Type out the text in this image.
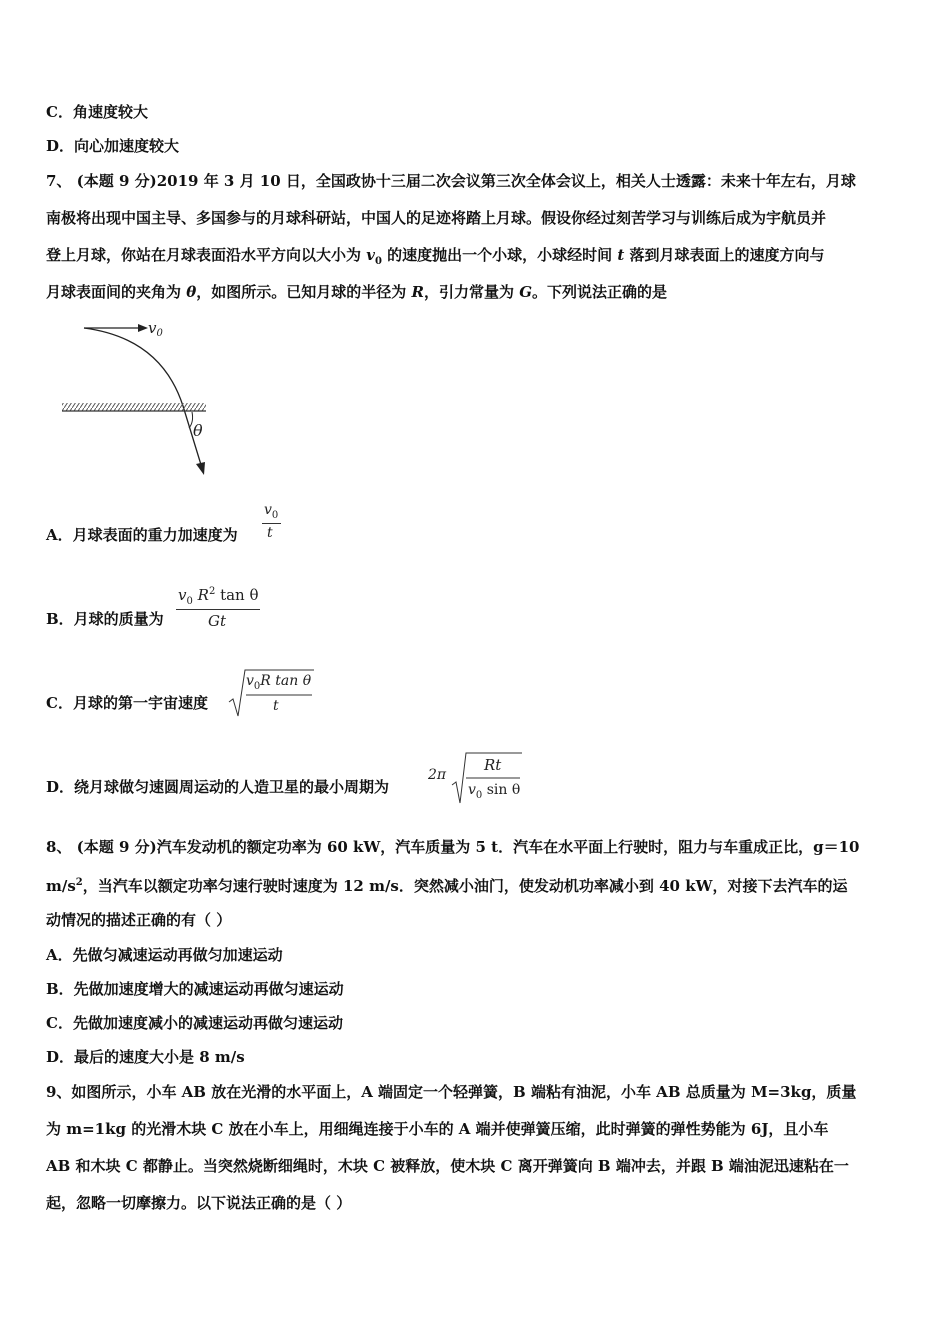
C．角速度较大
D．向心加速度较大
7、 (本题 9 分)2019 年 3 月 10 日，全国政协十三届二次会议第三次全体会议上，相关人士透露：未来十年左右，月球
南极将出现中国主导、多国参与的月球科研站，中国人的足迹将踏上月球。假设你经过刻苦学习与训练后成为宇航员并
登上月球，你站在月球表面沿水平方向以大小为 $v_0$ 的速度抛出一个小球，小球经时间 t 落到月球表面上的速度方向与
月球表面间的夹角为 θ，如图所示。已知月球的半径为 R，引力常量为 G。下列说法正确的是
$v_0$
θ
A．月球表面的重力加速度为
$v_0$
t
B．月球的质量为
$v_0$ $R^2$ tan θ
Gt
C．月球的第一宇宙速度
$v_0R$ tan θ
t
D．绕月球做匀速圆周运动的人造卫星的最小周期为
2π
Rt
$v_0$ sin θ
8、 (本题 9 分)汽车发动机的额定功率为 60 kW，汽车质量为 5 t．汽车在水平面上行驶时，阻力与车重成正比，g＝10
$m/s^2$，当汽车以额定功率匀速行驶时速度为 12 m/s．突然减小油门，使发动机功率减小到 40 kW，对接下去汽车的运
动情况的描述正确的有（ ）
A．先做匀减速运动再做匀加速运动
B．先做加速度增大的减速运动再做匀速运动
C．先做加速度减小的减速运动再做匀速运动
D．最后的速度大小是 8 m/s
9、如图所示，小车 AB 放在光滑的水平面上，A 端固定一个轻弹簧，B 端粘有油泥，小车 AB 总质量为 M=3kg，质量
为 m=1kg 的光滑木块 C 放在小车上，用细绳连接于小车的 A 端并使弹簧压缩，此时弹簧的弹性势能为 6J，且小车
AB 和木块 C 都静止。当突然烧断细绳时，木块 C 被释放，使木块 C 离开弹簧向 B 端冲去，并跟 B 端油泥迅速粘在一
起，忽略一切摩擦力。以下说法正确的是（ ）
